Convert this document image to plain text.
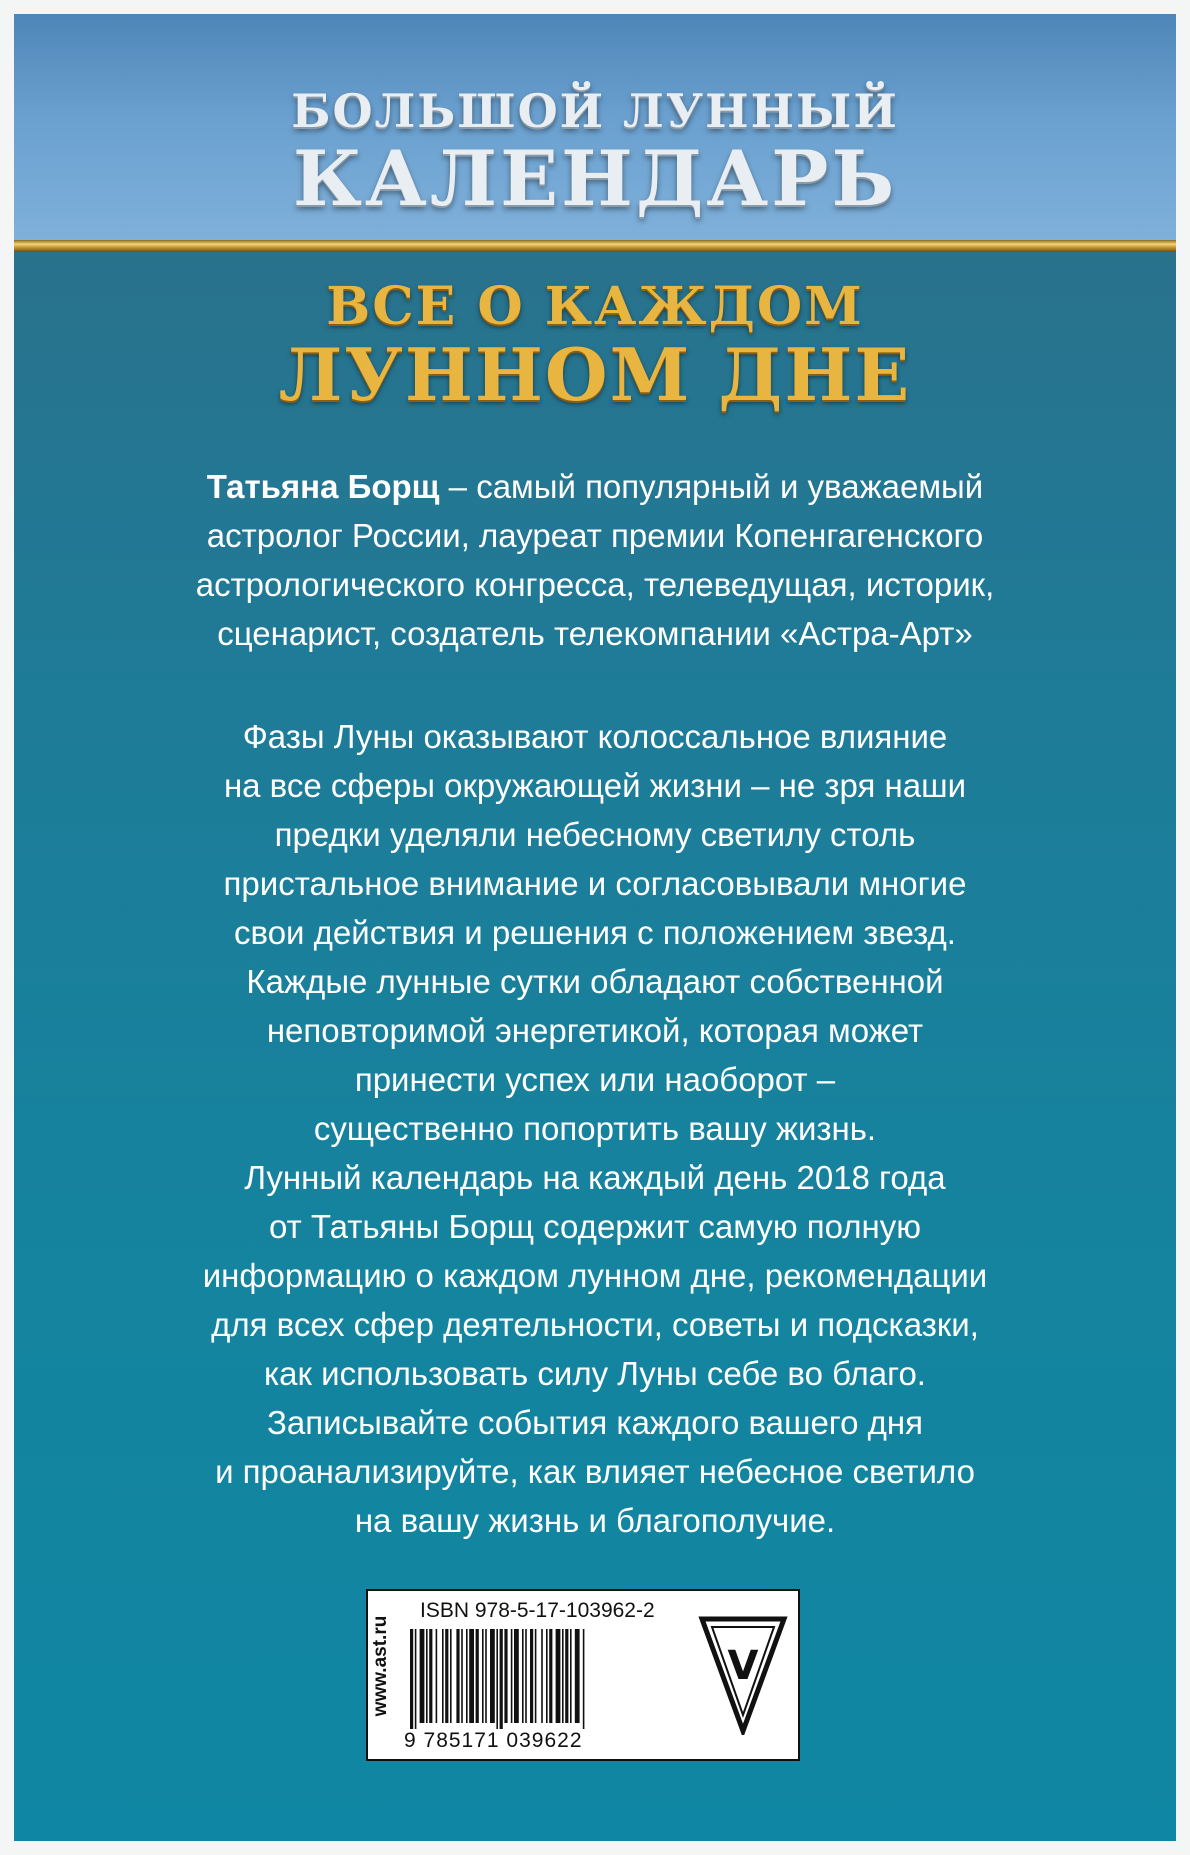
БОЛЬШОЙ ЛУННЫЙ
КАЛЕНДАРЬ
ВСЕ О КАЖДОМ
ЛУННОМ ДНЕ
Татьяна Борщ – самый популярный и уважаемый
астролог России, лауреат премии Копенгагенского
астрологического конгресса, телеведущая, историк,
сценарист, создатель телекомпании «Астра-Арт»
Фазы Луны оказывают колоссальное влияние
на все сферы окружающей жизни – не зря наши
предки уделяли небесному светилу столь
пристальное внимание и согласовывали многие
свои действия и решения с положением звезд.
Каждые лунные сутки обладают собственной
неповторимой энергетикой, которая может
принести успех или наоборот –
существенно попортить вашу жизнь.
Лунный календарь на каждый день 2018 года
от Татьяны Борщ содержит самую полную
информацию о каждом лунном дне, рекомендации
для всех сфер деятельности, советы и подсказки,
как использовать силу Луны себе во благо.
Записывайте события каждого вашего дня
и проанализируйте, как влияет небесное светило
на вашу жизнь и благополучие.
www.ast.ru
ISBN 978-5-17-103962-2
9 785171 039622
V
